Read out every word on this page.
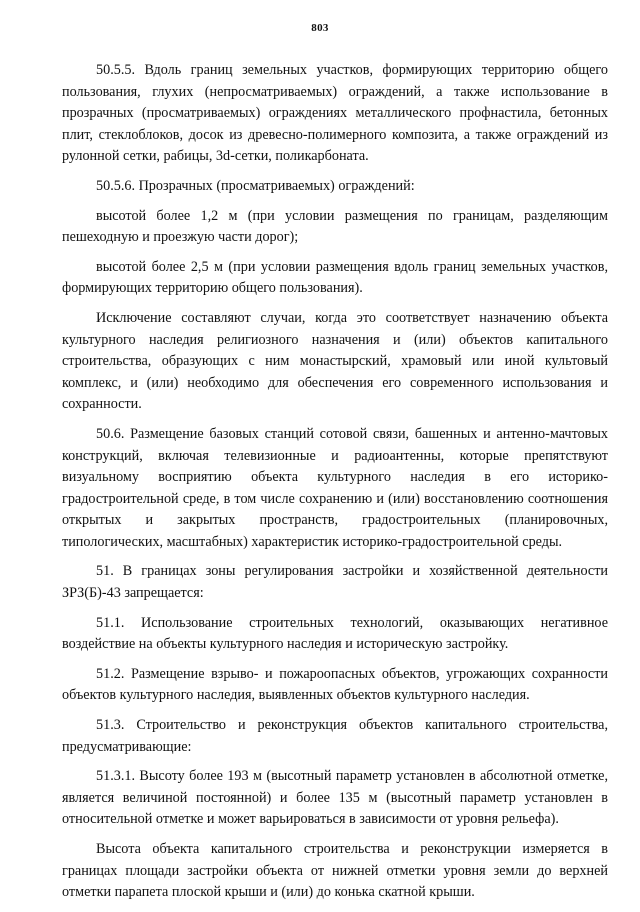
803

50.5.5. Вдоль границ земельных участков, формирующих территорию общего пользования, глухих (непросматриваемых) ограждений, а также использование в прозрачных (просматриваемых) ограждениях металлического профнастила, бетонных плит, стеклоблоков, досок из древесно-полимерного композита, а также ограждений из рулонной сетки, рабицы, 3d-сетки, поликарбоната.

50.5.6. Прозрачных (просматриваемых) ограждений:

высотой более 1,2 м (при условии размещения по границам, разделяющим пешеходную и проезжую части дорог);

высотой более 2,5 м (при условии размещения вдоль границ земельных участков, формирующих территорию общего пользования).

Исключение составляют случаи, когда это соответствует назначению объекта культурного наследия религиозного назначения и (или) объектов капитального строительства, образующих с ним монастырский, храмовый или иной культовый комплекс, и (или) необходимо для обеспечения его современного использования и сохранности.

50.6. Размещение базовых станций сотовой связи, башенных и антенно-мачтовых конструкций, включая телевизионные и радиоантенны, которые препятствуют визуальному восприятию объекта культурного наследия в его историко-градостроительной среде, в том числе сохранению и (или) восстановлению соотношения открытых и закрытых пространств, градостроительных (планировочных, типологических, масштабных) характеристик историко-градостроительной среды.

51. В границах зоны регулирования застройки и хозяйственной деятельности ЗРЗ(Б)-43 запрещается:

51.1. Использование строительных технологий, оказывающих негативное воздействие на объекты культурного наследия и историческую застройку.

51.2. Размещение взрыво- и пожароопасных объектов, угрожающих сохранности объектов культурного наследия, выявленных объектов культурного наследия.

51.3. Строительство и реконструкция объектов капитального строительства, предусматривающие:

51.3.1. Высоту более 193 м (высотный параметр установлен в абсолютной отметке, является величиной постоянной) и более 135 м (высотный параметр установлен в относительной отметке и может варьироваться в зависимости от уровня рельефа).

Высота объекта капитального строительства и реконструкции измеряется в границах площади застройки объекта от нижней отметки уровня земли до верхней отметки парапета плоской крыши и (или) до конька скатной крыши.
